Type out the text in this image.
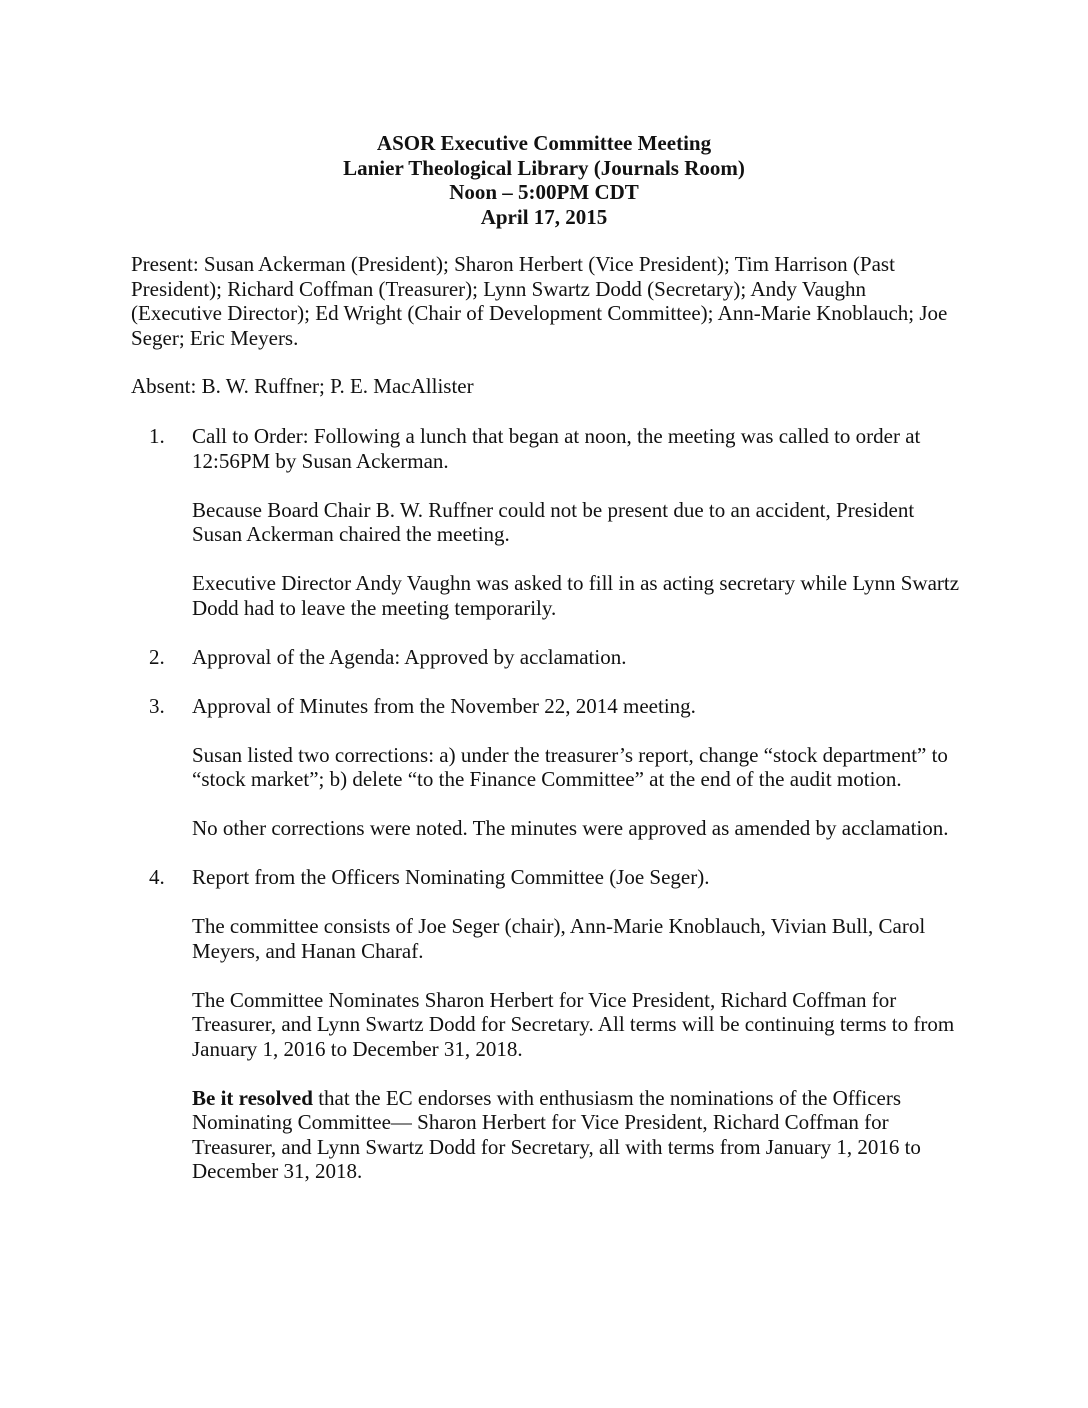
ASOR Executive Committee Meeting
Lanier Theological Library (Journals Room)
Noon – 5:00PM CDT
April 17, 2015
Present: Susan Ackerman (President); Sharon Herbert (Vice President); Tim Harrison (Past President); Richard Coffman (Treasurer); Lynn Swartz Dodd (Secretary); Andy Vaughn (Executive Director); Ed Wright (Chair of Development Committee); Ann-Marie Knoblauch; Joe Seger; Eric Meyers.
Absent: B. W. Ruffner; P. E. MacAllister
1. Call to Order: Following a lunch that began at noon, the meeting was called to order at 12:56PM by Susan Ackerman.

Because Board Chair B. W. Ruffner could not be present due to an accident, President Susan Ackerman chaired the meeting.

Executive Director Andy Vaughn was asked to fill in as acting secretary while Lynn Swartz Dodd had to leave the meeting temporarily.

2. Approval of the Agenda: Approved by acclamation.

3. Approval of Minutes from the November 22, 2014 meeting.

Susan listed two corrections: a) under the treasurer’s report, change “stock department” to “stock market”; b) delete “to the Finance Committee” at the end of the audit motion.

No other corrections were noted. The minutes were approved as amended by acclamation.

4. Report from the Officers Nominating Committee (Joe Seger).

The committee consists of Joe Seger (chair), Ann-Marie Knoblauch, Vivian Bull, Carol Meyers, and Hanan Charaf.

The Committee Nominates Sharon Herbert for Vice President, Richard Coffman for Treasurer, and Lynn Swartz Dodd for Secretary. All terms will be continuing terms to from January 1, 2016 to December 31, 2018.

Be it resolved that the EC endorses with enthusiasm the nominations of the Officers Nominating Committee— Sharon Herbert for Vice President, Richard Coffman for Treasurer, and Lynn Swartz Dodd for Secretary, all with terms from January 1, 2016 to December 31, 2018.
